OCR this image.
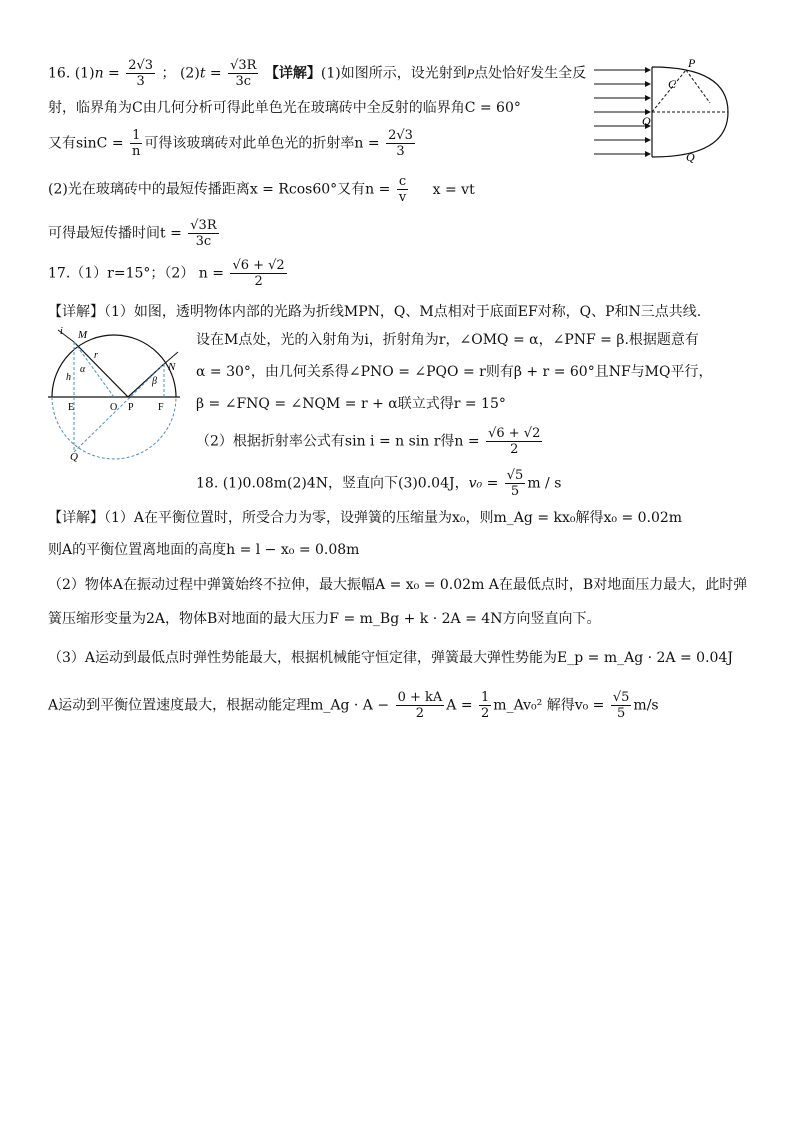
16. $(1)n = \frac{2√3}{3}$ ； $(2)t = \frac{√3R}{3c}$ 【详解】(1)如图所示，设光射到P点处恰好发生全反
射，临界角为C由几何分析可得此单色光在玻璃砖中全反射的临界角C = 60°
又有$\sin C = \frac{1}{n}$ 可得该玻璃砖对此单色光的折射率$n = \frac{2√3}{3}$
(2)光在玻璃砖中的最短传播距离x = Rcos60°又有$n = \frac{c}{v}$ x = vt
可得最短传播时间$t = \frac{√3R}{3c}$
P
C
O
Q
17.（1）r=15°；（2） $n = \frac{√6 + √2}{2}$
【详解】（1）如图，透明物体内部的光路为折线MPN，Q、M点相对于底面EF对称，Q、P和N三点共线.
设在M点处，光的入射角为i，折射角为r，∠OMQ = α，∠PNF = β.根据题意有
α = 30°，由几何关系得∠PNO = ∠PQO = r则有β + r = 60°且NF与MQ平行，
β = ∠FNQ = ∠NQM = r + α联立式得r = 15°
（2）根据折射率公式有sin i = n sin r得$n = \frac{√6 + √2}{2}$
i M
r
α
h	β
N
E	O P F
Q
18. (1)0.08m(2)4N，竖直向下(3)0.04J，$v_0 = \frac{√5}{5}$ m / s
【详解】（1）A在平衡位置时，所受合力为零，设弹簧的压缩量为x₀，则m_Ag = kx₀解得x₀ = 0.02m
则A的平衡位置离地面的高度h = l − x₀ = 0.08m
（2）物体A在振动过程中弹簧始终不拉伸，最大振幅A = x₀ = 0.02m A在最低点时，B对地面压力最大，此时弹
簧压缩形变量为2A，物体B对地面的最大压力F = m_Bg + k · 2A = 4N方向竖直向下。
（3）A运动到最低点时弹性势能最大，根据机械能守恒定律，弹簧最大弹性势能为E_p = m_Ag · 2A = 0.04J
A运动到平衡位置速度最大，根据动能定理m_Ag · $A - \frac{0 + kA}{2}$ $A = \frac{1}{2}$ m_Av₀² 解得$v_0 = \frac{√5}{5} m/s$
